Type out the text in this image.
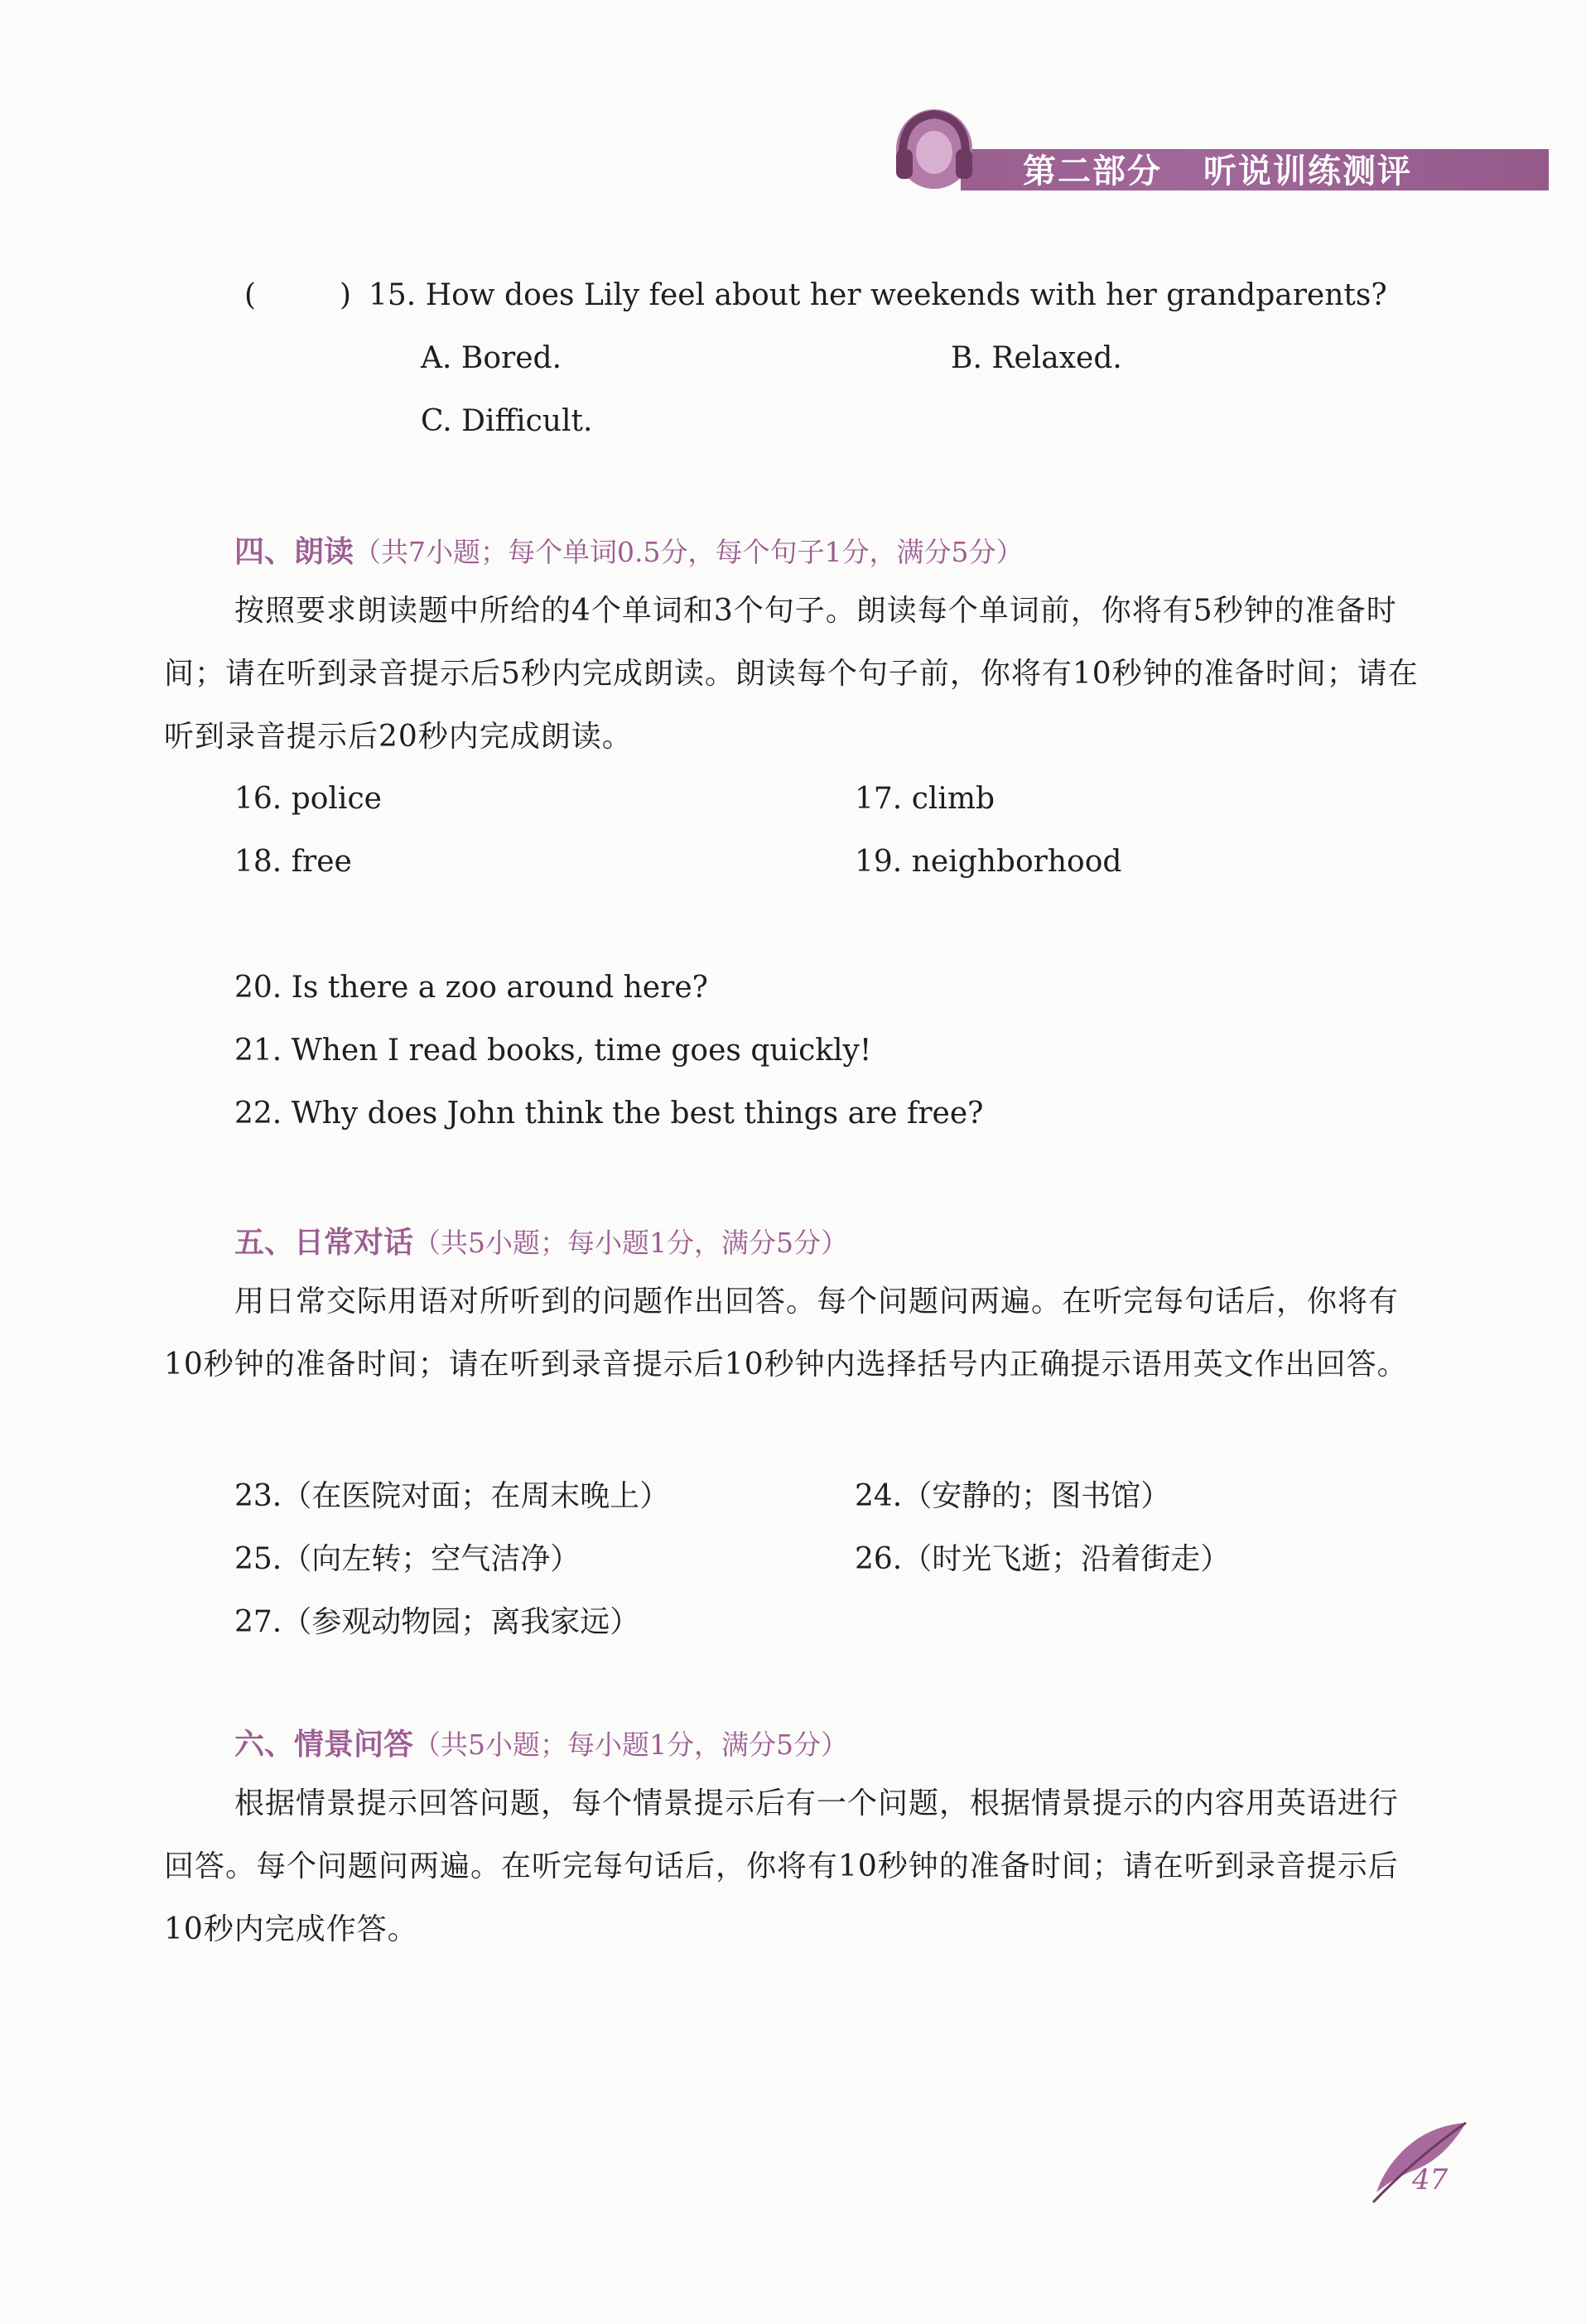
第二部分 听说训练测评
(	) 15. How does Lily feel about her weekends with her grandparents?
A. Bored.	B. Relaxed.
C. Difficult.
四、朗读（共7小题；每个单词0.5分，每个句子1分，满分5分）
按照要求朗读题中所给的4个单词和3个句子。朗读每个单词前，你将有5秒钟的准备时间；请在听到录音提示后5秒内完成朗读。朗读每个句子前，你将有10秒钟的准备时间；请在听到录音提示后20秒内完成朗读。
16. police	17. climb
18. free	19. neighborhood
20. Is there a zoo around here?
21. When I read books, time goes quickly!
22. Why does John think the best things are free?
五、日常对话（共5小题；每小题1分，满分5分）
用日常交际用语对所听到的问题作出回答。每个问题问两遍。在听完每句话后，你将有10秒钟的准备时间；请在听到录音提示后10秒钟内选择括号内正确提示语用英文作出回答。
23.（在医院对面；在周末晚上）	24.（安静的；图书馆）
25.（向左转；空气洁净）	26.（时光飞逝；沿着街走）
27.（参观动物园；离我家远）
六、情景问答（共5小题；每小题1分，满分5分）
根据情景提示回答问题，每个情景提示后有一个问题，根据情景提示的内容用英语进行回答。每个问题问两遍。在听完每句话后，你将有10秒钟的准备时间；请在听到录音提示后10秒内完成作答。
47
